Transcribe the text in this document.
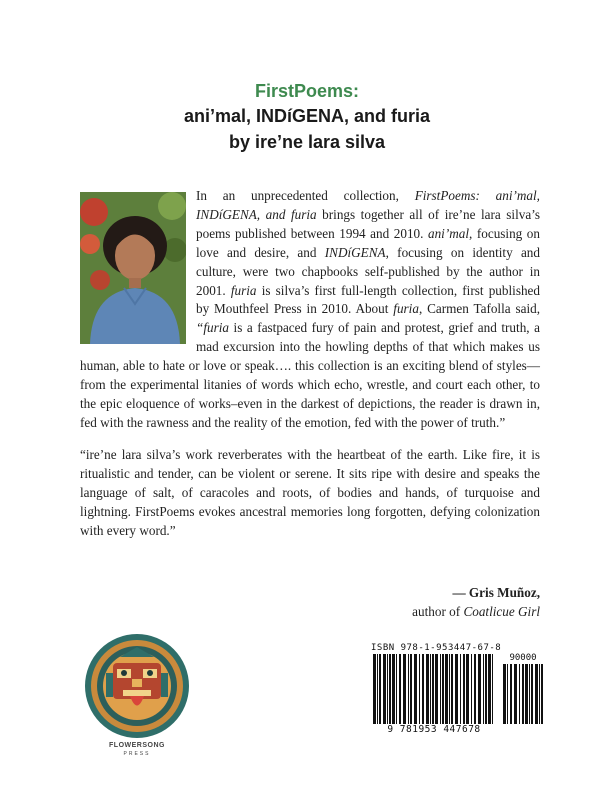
FirstPoems:
ani’mal, INDíGENA, and furia
by ire’ne lara silva

In an unprecedented collection, FirstPoems: ani’mal, INDíGENA, and furia brings together all of ire’ne lara silva’s poems published between 1994 and 2010. ani’mal, focusing on love and desire, and INDíGENA, focusing on identity and culture, were two chapbooks self-published by the author in 2001. furia is silva’s first full-length collection, first published by Mouthfeel Press in 2010. About furia, Carmen Tafolla said, “furia is a fastpaced fury of pain and protest, grief and truth, a mad excursion into the howling depths of that which makes us human, able to hate or love or speak…. this collection is an exciting blend of styles—from the experimental litanies of words which echo, wrestle, and court each other, to the epic eloquence of works–even in the darkest of depictions, the reader is drawn in, fed with the rawness and the reality of the emotion, fed with the power of truth.”

“ire’ne lara silva’s work reverberates with the heartbeat of the earth. Like fire, it is ritualistic and tender, can be violent or serene. It sits ripe with desire and speaks the language of salt, of caracoles and roots, of bodies and hands, of turquoise and lightning. FirstPoems evokes ancestral memories long forgotten, defying colonization with every word.”

— Gris Muñoz,
author of Coatlicue Girl
FLOWERSONG
PRESS
ISBN 978-1-953447-67-8
90000
9 781953 447678
